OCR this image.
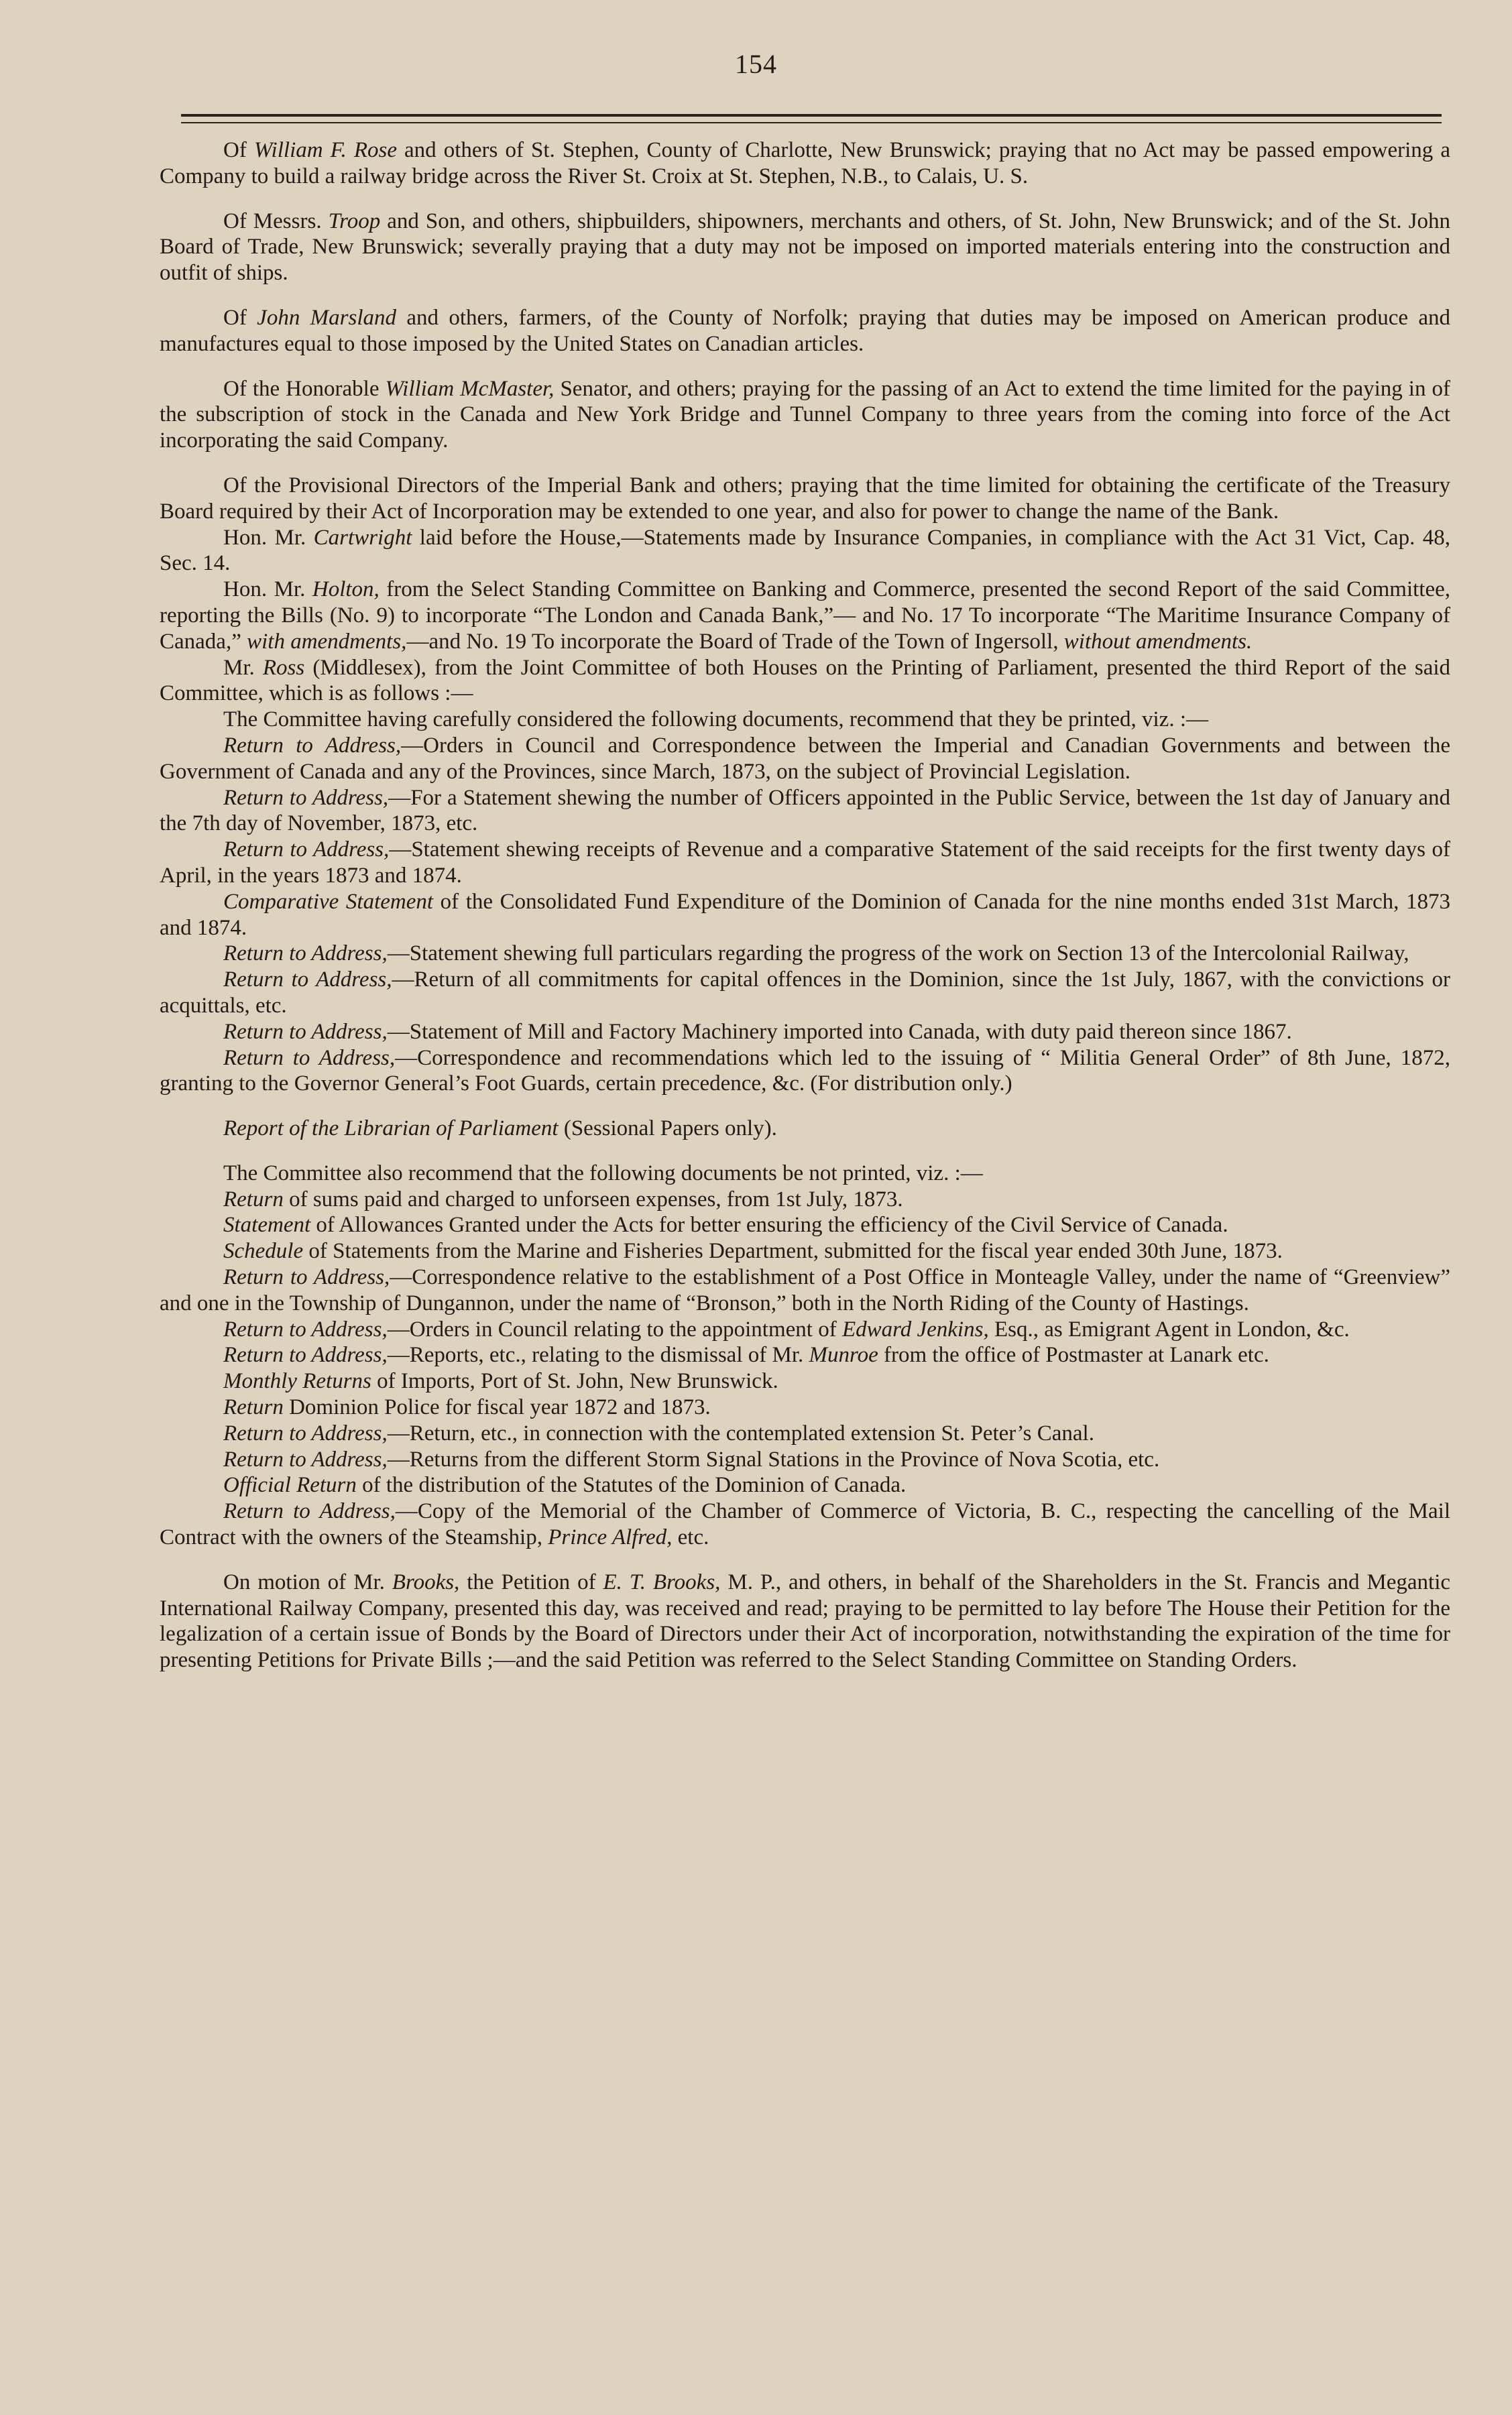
154

Of William F. Rose and others of St. Stephen, County of Charlotte, New Brunswick; praying that no Act may be passed empowering a Company to build a railway bridge across the River St. Croix at St. Stephen, N.B., to Calais, U. S.

Of Messrs. Troop and Son, and others, shipbuilders, shipowners, merchants and others, of St. John, New Brunswick; and of the St. John Board of Trade, New Brunswick; severally praying that a duty may not be imposed on imported materials entering into the construction and outfit of ships.

Of John Marsland and others, farmers, of the County of Norfolk; praying that duties may be imposed on American produce and manufactures equal to those imposed by the United States on Canadian articles.

Of the Honorable William McMaster, Senator, and others; praying for the passing of an Act to extend the time limited for the paying in of the subscription of stock in the Canada and New York Bridge and Tunnel Company to three years from the coming into force of the Act incorporating the said Company.

Of the Provisional Directors of the Imperial Bank and others; praying that the time limited for obtaining the certificate of the Treasury Board required by their Act of Incorporation may be extended to one year, and also for power to change the name of the Bank.

Hon. Mr. Cartwright laid before the House,—Statements made by Insurance Companies, in compliance with the Act 31 Vict, Cap. 48, Sec. 14.

Hon. Mr. Holton, from the Select Standing Committee on Banking and Commerce, presented the second Report of the said Committee, reporting the Bills (No. 9) to incorporate “The London and Canada Bank,”— and No. 17 To incorporate “The Maritime Insurance Company of Canada,” with amendments,—and No. 19 To incorporate the Board of Trade of the Town of Ingersoll, without amendments.

Mr. Ross (Middlesex), from the Joint Committee of both Houses on the Printing of Parliament, presented the third Report of the said Committee, which is as follows :—

The Committee having carefully considered the following documents, recommend that they be printed, viz. :—

Return to Address,—Orders in Council and Correspondence between the Imperial and Canadian Governments and between the Government of Canada and any of the Provinces, since March, 1873, on the subject of Provincial Legislation.

Return to Address,—For a Statement shewing the number of Officers appointed in the Public Service, between the 1st day of January and the 7th day of November, 1873, etc.

Return to Address,—Statement shewing receipts of Revenue and a comparative Statement of the said receipts for the first twenty days of April, in the years 1873 and 1874.

Comparative Statement of the Consolidated Fund Expenditure of the Dominion of Canada for the nine months ended 31st March, 1873 and 1874.

Return to Address,—Statement shewing full particulars regarding the progress of the work on Section 13 of the Intercolonial Railway,

Return to Address,—Return of all commitments for capital offences in the Dominion, since the 1st July, 1867, with the convictions or acquittals, etc.

Return to Address,—Statement of Mill and Factory Machinery imported into Canada, with duty paid thereon since 1867.

Return to Address,—Correspondence and recommendations which led to the issuing of “ Militia General Order” of 8th June, 1872, granting to the Governor General’s Foot Guards, certain precedence, &c. (For distribution only.)

Report of the Librarian of Parliament (Sessional Papers only).

The Committee also recommend that the following documents be not printed, viz. :—

Return of sums paid and charged to unforseen expenses, from 1st July, 1873.

Statement of Allowances Granted under the Acts for better ensuring the efficiency of the Civil Service of Canada.

Schedule of Statements from the Marine and Fisheries Department, submitted for the fiscal year ended 30th June, 1873.

Return to Address,—Correspondence relative to the establishment of a Post Office in Monteagle Valley, under the name of “Greenview” and one in the Township of Dungannon, under the name of “Bronson,” both in the North Riding of the County of Hastings.

Return to Address,—Orders in Council relating to the appointment of Edward Jenkins, Esq., as Emigrant Agent in London, &c.

Return to Address,—Reports, etc., relating to the dismissal of Mr. Munroe from the office of Postmaster at Lanark etc.

Monthly Returns of Imports, Port of St. John, New Brunswick.

Return Dominion Police for fiscal year 1872 and 1873.

Return to Address,—Return, etc., in connection with the contemplated extension St. Peter’s Canal.

Return to Address,—Returns from the different Storm Signal Stations in the Province of Nova Scotia, etc.

Official Return of the distribution of the Statutes of the Dominion of Canada.

Return to Address,—Copy of the Memorial of the Chamber of Commerce of Victoria, B. C., respecting the cancelling of the Mail Contract with the owners of the Steamship, Prince Alfred, etc.

On motion of Mr. Brooks, the Petition of E. T. Brooks, M. P., and others, in behalf of the Shareholders in the St. Francis and Megantic International Railway Company, presented this day, was received and read; praying to be permitted to lay before The House their Petition for the legalization of a certain issue of Bonds by the Board of Directors under their Act of incorporation, notwithstanding the expiration of the time for presenting Petitions for Private Bills ;—and the said Petition was referred to the Select Standing Committee on Standing Orders.
